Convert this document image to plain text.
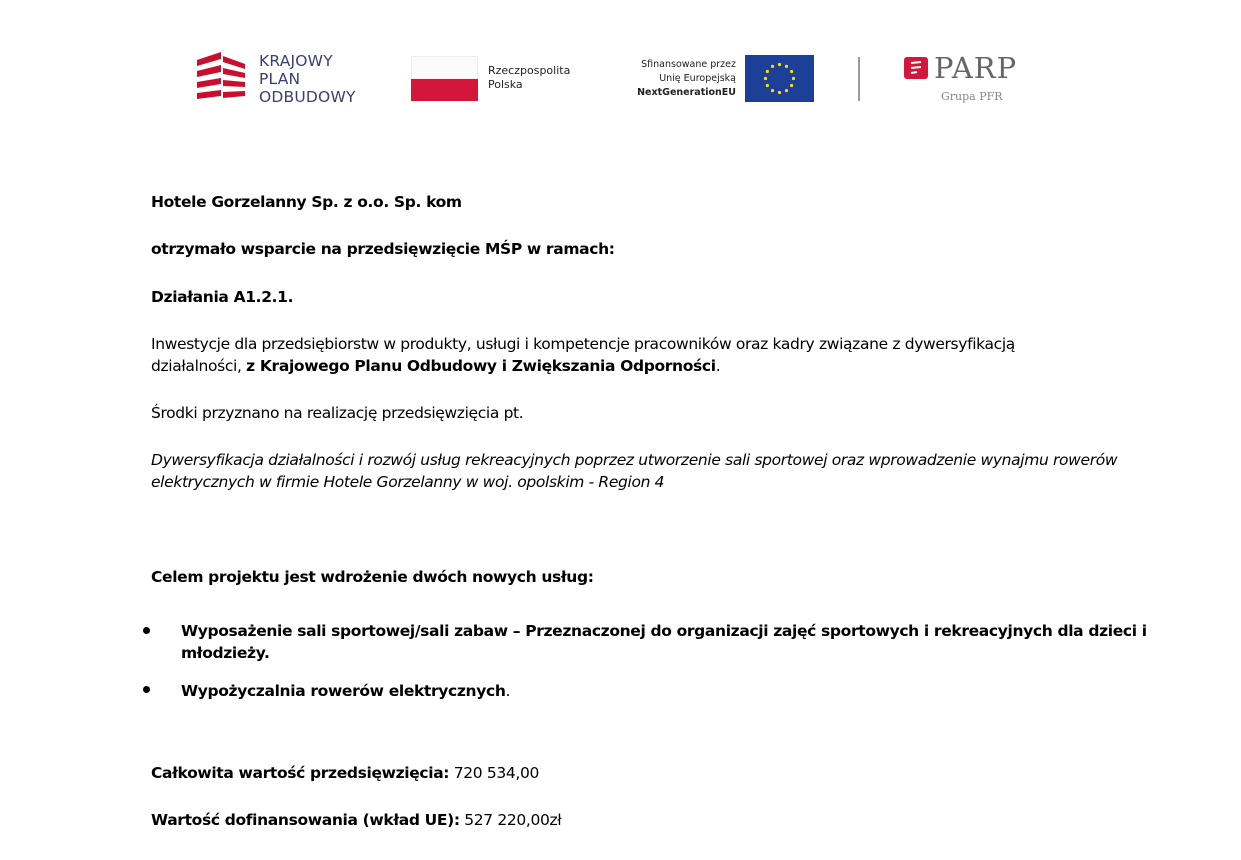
KRAJOWY
PLAN
ODBUDOWY
Rzeczpospolita
Polska
Sfinansowane przez
Unię Europejską
NextGenerationEU
PARP
Grupa PFR
Hotele Gorzelanny Sp. z o.o. Sp. kom
otrzymało wsparcie na przedsięwzięcie MŚP w ramach:
Działania A1.2.1.
Inwestycje dla przedsiębiorstw w produkty, usługi i kompetencje pracowników oraz kadry związane z dywersyfikacją
działalności, z Krajowego Planu Odbudowy i Zwiększania Odporności.
Środki przyznano na realizację przedsięwzięcia pt.
Dywersyfikacja działalności i rozwój usług rekreacyjnych poprzez utworzenie sali sportowej oraz wprowadzenie wynajmu rowerów
elektrycznych w firmie Hotele Gorzelanny w woj. opolskim - Region 4
Celem projektu jest wdrożenie dwóch nowych usług:
Wyposażenie sali sportowej/sali zabaw – Przeznaczonej do organizacji zajęć sportowych i rekreacyjnych dla dzieci i
młodzieży.
Wypożyczalnia rowerów elektrycznych.
Całkowita wartość przedsięwzięcia: 720 534,00
Wartość dofinansowania (wkład UE): 527 220,00zł
